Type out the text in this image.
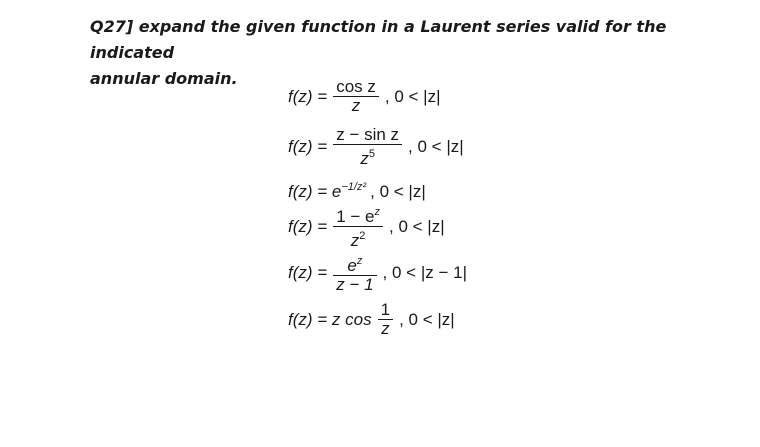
Q27] expand the given function in a Laurent series valid for the indicated
annular domain.
$f(z) = \frac{\text{cos z}}{z}$ , 0 < |z|
$f(z) = \frac{\text{z − sin z}}{z^5}$ , 0 < |z|
$f(z) = e^{-1/z^2}$ , 0 < |z|
$f(z) = \frac{1 - e^z}{z^2}$ , 0 < |z|
$f(z) = \frac{e^z}{z - 1}$ , 0 < |z − 1|
f(z) = z $\cos \frac{1}{z}$ , 0 < |z|
